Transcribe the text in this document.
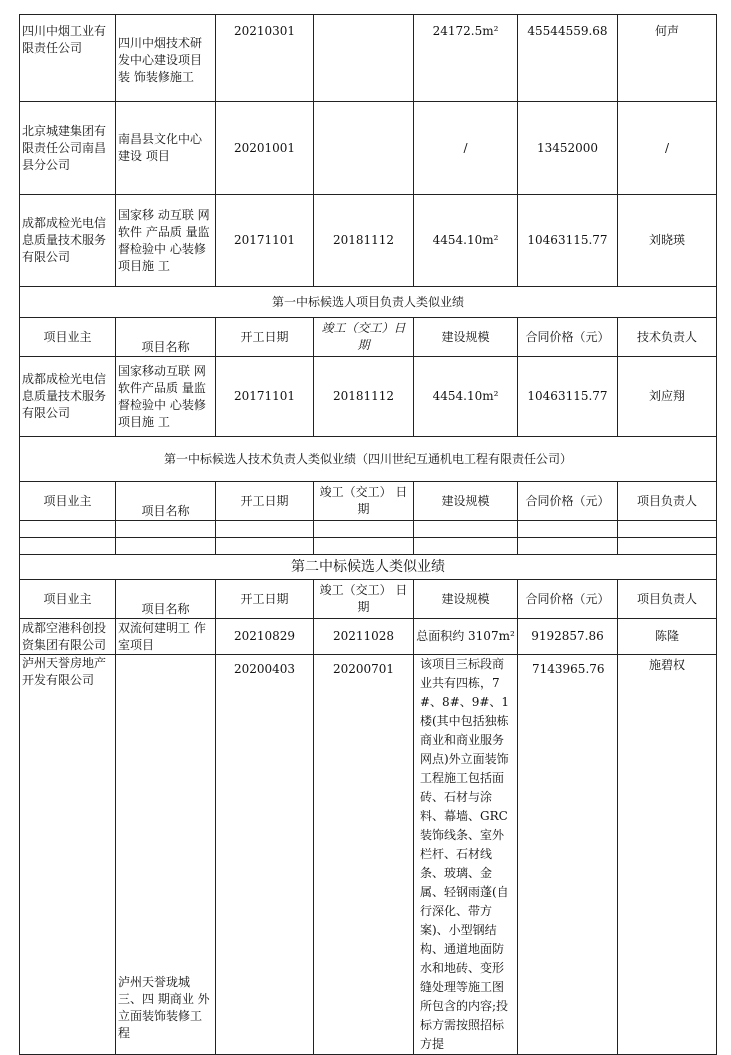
四川中烟工业有限责任公司	四川中烟技术研发中心建设项目装 饰装修施工	20210301		24172.5m²	45544559.68	何声
北京城建集团有限责任公司南昌县分公司	南昌县文化中心建设 项目	20201001		/	13452000	/
成都成检光电信息质量技术服务有限公司	国家移 动互联 网软件 产品质 量监督检验中 心装修 项目施 工	20171101	20181112	4454.10m²	10463115.77	刘晓瑛
第一中标候选人项目负责人类似业绩						
项目业主	项目名称	开工日期	竣工（交工）日期	建设规模	合同价格（元）	技术负责人
成都成检光电信息质量技术服务有限公司	国家移动互联 网软件产品质 量监督检验中 心装修项目施 工	20171101	20181112	4454.10m²	10463115.77	刘应翔
第一中标候选人技术负责人类似业绩（四川世纪互通机电工程有限责任公司）						
项目业主	项目名称	开工日期	竣工（交工） 日期	建设规模	合同价格（元）	项目负责人

第二中标候选人类似业绩						
项目业主	项目名称	开工日期	竣工（交工） 日期	建设规模	合同价格（元）	项目负责人
成都空港科创投资集团有限公司	双流何建明工 作室项目	20210829	20211028	总面积约 3107m²	9192857.86	陈隆
泸州天誉房地产开发有限公司	泸州天誉珑城三、四 期商业 外立面装饰装修工程	20200403	20200701	该项目三标段商业共有四栋，7#、8#、9#、1 楼(其中包括独栋商业和商业服务网点)外立面装饰工程施工包括面砖、石材与涂料、幕墙、GRC 装饰线条、室外栏杆、石材线条、玻璃、金属、轻钢雨蓬(自行深化、带方案)、小型钢结构、通道地面防水和地砖、变形缝处理等施工图所包含的内容;投标方需按照招标方提	7143965.76	施碧权
